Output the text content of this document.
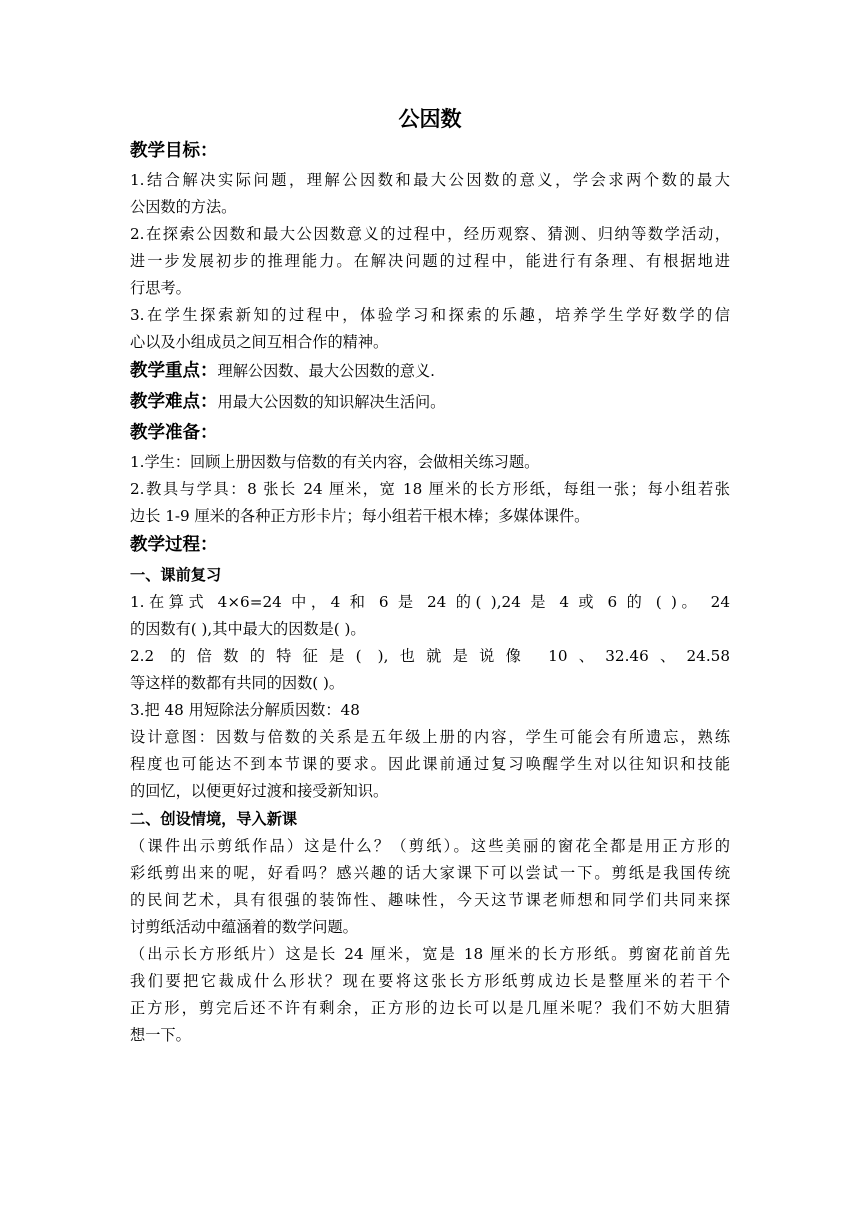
公因数
教学目标：
1.结合解决实际问题，理解公因数和最大公因数的意义，学会求两个数的最大
公因数的方法。
2.在探索公因数和最大公因数意义的过程中，经历观察、猜测、归纳等数学活动，
进一步发展初步的推理能力。在解决问题的过程中，能进行有条理、有根据地进
行思考。
3.在学生探索新知的过程中，体验学习和探索的乐趣，培养学生学好数学的信
心以及小组成员之间互相合作的精神。
教学重点：理解公因数、最大公因数的意义.
教学难点：用最大公因数的知识解决生活问。
教学准备：
1.学生：回顾上册因数与倍数的有关内容，会做相关练习题。
2.教具与学具：8 张长 24 厘米，宽 18 厘米的长方形纸，每组一张；每小组若张
边长 1-9 厘米的各种正方形卡片；每小组若干根木棒；多媒体课件。
教学过程：
一、课前复习
1.在算式 4×6=24 中，4 和 6 是 24 的( ),24 是 4 或 6 的 ( )。 24
的因数有( ),其中最大的因数是( )。
2.2 的倍数的特征是( ),也就是说像 10、32.46、24.58
等这样的数都有共同的因数( )。
3.把 48 用短除法分解质因数：48
设计意图：因数与倍数的关系是五年级上册的内容，学生可能会有所遗忘，熟练
程度也可能达不到本节课的要求。因此课前通过复习唤醒学生对以往知识和技能
的回忆，以便更好过渡和接受新知识。
二、创设情境，导入新课
（课件出示剪纸作品）这是什么？（剪纸）。这些美丽的窗花全都是用正方形的
彩纸剪出来的呢，好看吗？感兴趣的话大家课下可以尝试一下。剪纸是我国传统
的民间艺术，具有很强的装饰性、趣味性，今天这节课老师想和同学们共同来探
讨剪纸活动中蕴涵着的数学问题。
（出示长方形纸片）这是长 24 厘米，宽是 18 厘米的长方形纸。剪窗花前首先
我们要把它裁成什么形状？现在要将这张长方形纸剪成边长是整厘米的若干个
正方形，剪完后还不许有剩余，正方形的边长可以是几厘米呢？我们不妨大胆猜
想一下。
